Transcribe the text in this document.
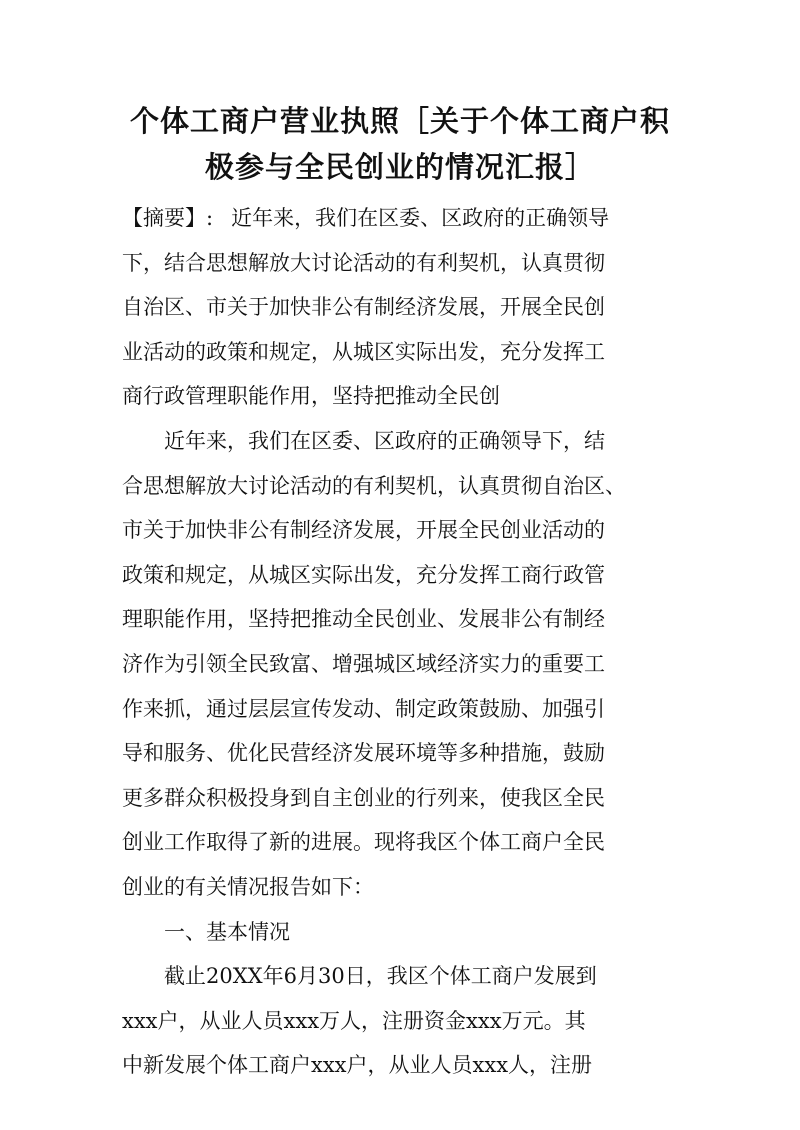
个体工商户营业执照［关于个体工商户积
极参与全民创业的情况汇报］
【摘要】: 近年来，我们在区委、区政府的正确领导
下，结合思想解放大讨论活动的有利契机，认真贯彻
自治区、市关于加快非公有制经济发展，开展全民创
业活动的政策和规定，从城区实际出发，充分发挥工
商行政管理职能作用，坚持把推动全民创
近年来，我们在区委、区政府的正确领导下，结
合思想解放大讨论活动的有利契机，认真贯彻自治区、
市关于加快非公有制经济发展，开展全民创业活动的
政策和规定，从城区实际出发，充分发挥工商行政管
理职能作用，坚持把推动全民创业、发展非公有制经
济作为引领全民致富、增强城区域经济实力的重要工
作来抓，通过层层宣传发动、制定政策鼓励、加强引
导和服务、优化民营经济发展环境等多种措施，鼓励
更多群众积极投身到自主创业的行列来，使我区全民
创业工作取得了新的进展。现将我区个体工商户全民
创业的有关情况报告如下：
一、基本情况
截止20XX年6月30日，我区个体工商户发展到
xxx户，从业人员xxx万人，注册资金xxx万元。其
中新发展个体工商户xxx户，从业人员xxx人，注册
